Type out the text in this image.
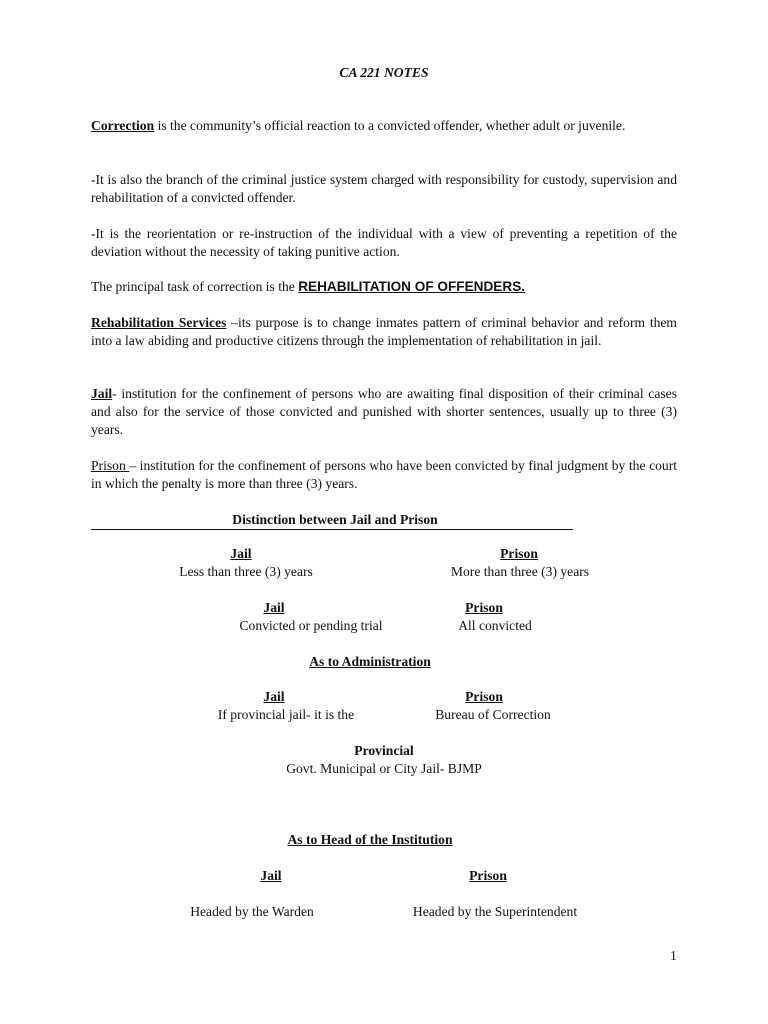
CA 221 NOTES

Correction is the community’s official reaction to a convicted offender, whether adult or juvenile.

-It is also the branch of the criminal justice system charged with responsibility for custody, supervision and rehabilitation of a convicted offender.

-It is the reorientation or re-instruction of the individual with a view of preventing a repetition of the deviation without the necessity of taking punitive action.

The principal task of correction is the REHABILITATION OF OFFENDERS.

Rehabilitation Services –its purpose is to change inmates pattern of criminal behavior and reform them into a law abiding and productive citizens through the implementation of rehabilitation in jail.

Jail- institution for the confinement of persons who are awaiting final disposition of their criminal cases and also for the service of those convicted and punished with shorter sentences, usually up to three (3) years.

Prison – institution for the confinement of persons who have been convicted by final judgment by the court in which the penalty is more than three (3) years.

Distinction between Jail and Prison
Jail	Prison
Less than three (3) years	More than three (3) years
Jail	Prison
Convicted or pending trial	All convicted
As to Administration
Jail	Prison
If provincial jail- it is the	Bureau of Correction
Provincial
Govt. Municipal or City Jail- BJMP
As to Head of the Institution
Jail	Prison
Headed by the Warden	Headed by the Superintendent
1
